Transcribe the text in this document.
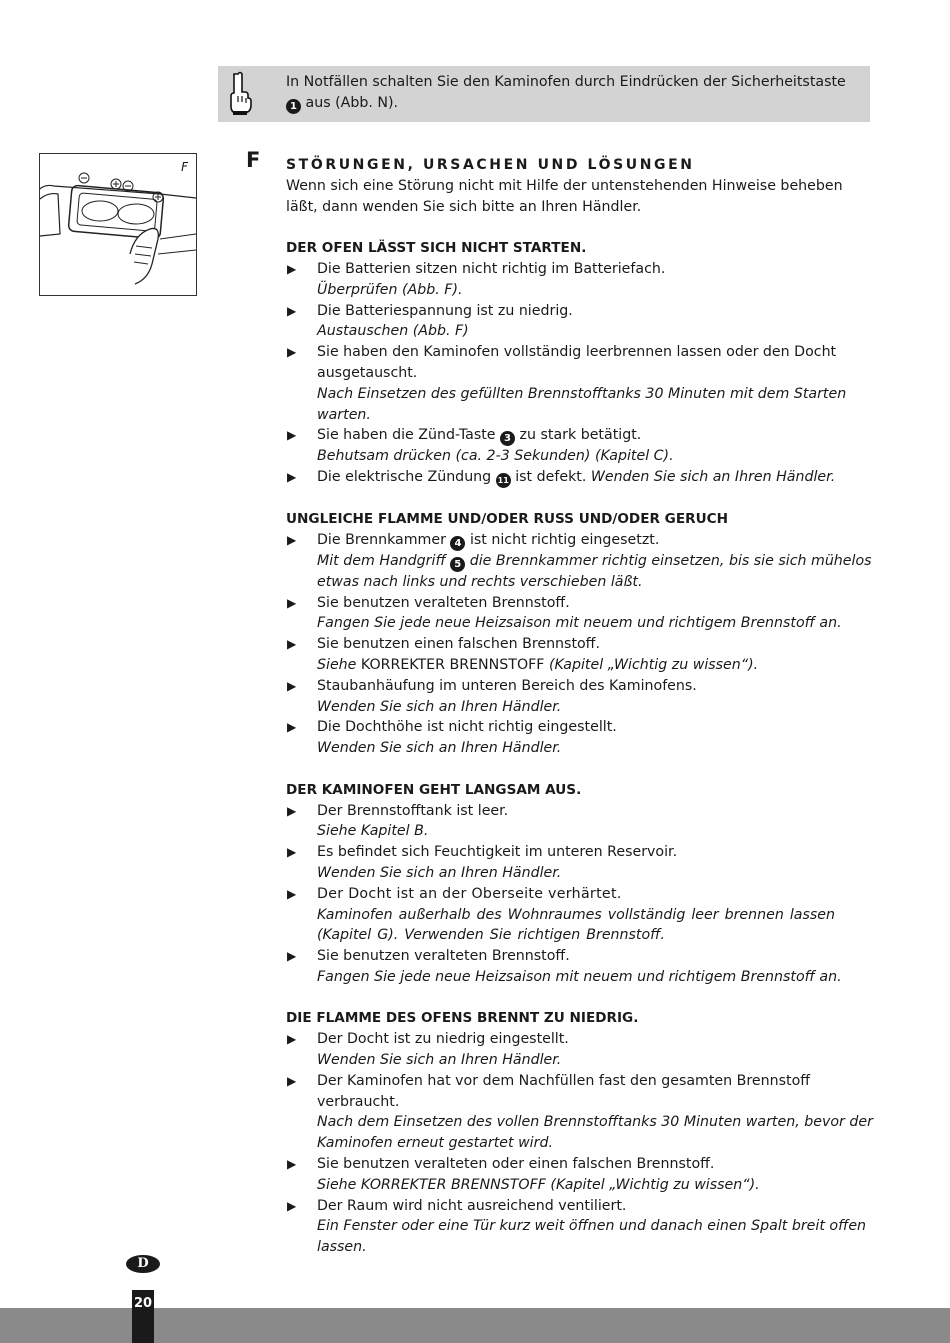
In Notfällen schalten Sie den Kaminofen durch Eindrücken der Sicherheitstaste
1 aus (Abb. N).
F	F STÖRUNGEN, URSACHEN UND LÖSUNGEN
Wenn sich eine Störung nicht mit Hilfe der untenstehenden Hinweise beheben läßt, dann wenden Sie sich bitte an Ihren Händler.
DER OFEN LÄSST SICH NICHT STARTEN.
▶ Die Batterien sitzen nicht richtig im Batteriefach.
Überprüfen (Abb. F).
▶ Die Batteriespannung ist zu niedrig.
Austauschen (Abb. F)
▶ Sie haben den Kaminofen vollständig leerbrennen lassen oder den Docht ausgetauscht.
Nach Einsetzen des gefüllten Brennstofftanks 30 Minuten mit dem Starten warten.
▶ Sie haben die Zünd-Taste 3 zu stark betätigt.
Behutsam drücken (ca. 2-3 Sekunden) (Kapitel C).
▶ Die elektrische Zündung 11 ist defekt. Wenden Sie sich an Ihren Händler.
UNGLEICHE FLAMME UND/ODER RUSS UND/ODER GERUCH
▶ Die Brennkammer 4 ist nicht richtig eingesetzt.
Mit dem Handgriff 5 die Brennkammer richtig einsetzen, bis sie sich mühelos etwas nach links und rechts verschieben läßt.
▶ Sie benutzen veralteten Brennstoff.
Fangen Sie jede neue Heizsaison mit neuem und richtigem Brennstoff an.
▶ Sie benutzen einen falschen Brennstoff.
Siehe KORREKTER BRENNSTOFF (Kapitel „Wichtig zu wissen“).
▶ Staubanhäufung im unteren Bereich des Kaminofens.
Wenden Sie sich an Ihren Händler.
▶ Die Dochthöhe ist nicht richtig eingestellt.
Wenden Sie sich an Ihren Händler.
DER KAMINOFEN GEHT LANGSAM AUS.
▶ Der Brennstofftank ist leer.
Siehe Kapitel B.
▶ Es befindet sich Feuchtigkeit im unteren Reservoir.
Wenden Sie sich an Ihren Händler.
▶ Der Docht ist an der Oberseite verhärtet.
Kaminofen außerhalb des Wohnraumes vollständig leer brennen lassen (Kapitel G). Verwenden Sie richtigen Brennstoff.
▶ Sie benutzen veralteten Brennstoff.
Fangen Sie jede neue Heizsaison mit neuem und richtigem Brennstoff an.
DIE FLAMME DES OFENS BRENNT ZU NIEDRIG.
▶ Der Docht ist zu niedrig eingestellt.
Wenden Sie sich an Ihren Händler.
▶ Der Kaminofen hat vor dem Nachfüllen fast den gesamten Brennstoff verbraucht.
Nach dem Einsetzen des vollen Brennstofftanks 30 Minuten warten, bevor der Kaminofen erneut gestartet wird.
▶ Sie benutzen veralteten oder einen falschen Brennstoff.
Siehe KORREKTER BRENNSTOFF (Kapitel „Wichtig zu wissen“).
▶ Der Raum wird nicht ausreichend ventiliert.
Ein Fenster oder eine Tür kurz weit öffnen und danach einen Spalt breit offen lassen.
D
20
